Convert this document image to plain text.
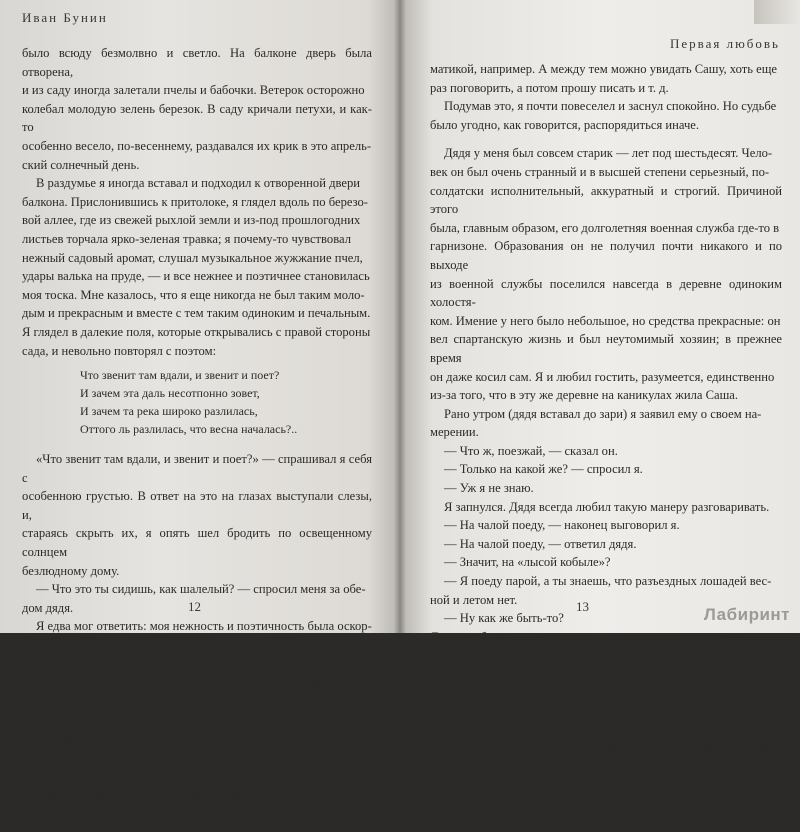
Иван Бунин

было всюду безмолвно и светло. На балконе дверь была отворена,

и из саду иногда залетали пчелы и бабочки. Ветерок осторожно

колебал молодую зелень березок. В саду кричали петухи, и как-то

особенно весело, по-весеннему, раздавался их крик в это апрель-

ский солнечный день.

В раздумье я иногда вставал и подходил к отворенной двери

балкона. Прислонившись к притолоке, я глядел вдоль по березо-

вой аллее, где из свежей рыхлой земли и из-под прошлогодних

листьев торчала ярко-зеленая травка; я почему-то чувствовал

нежный садовый аромат, слушал музыкальное жужжание пчел,

удары валька на пруде, — и все нежнее и поэтичнее становилась

моя тоска. Мне казалось, что я еще никогда не был таким моло-

дым и прекрасным и вместе с тем таким одиноким и печальным.

Я глядел в далекие поля, которые открывались с правой стороны

сада, и невольно повторял с поэтом:

Что звенит там вдали, и звенит и поет?
И зачем эта даль несотпонно зовет,
И зачем та река широко разлилась,
Оттого ль разлилась, что весна началась?..

«Что звенит там вдали, и звенит и поет?» — спрашивал я себя с

особенною грустью. В ответ на это на глазах выступали слезы, и,

стараясь скрыть их, я опять шел бродить по освещенному солнцем

безлюдному дому.

— Что это ты сидишь, как шалелый? — спросил меня за обе-

дом дядя.

Я едва мог ответить: моя нежность и поэтичность была оскор-

блена самым грубым образом.

К вечеру мне стало еще грустнее. Я ушел в поле, дошел до

леса и лег на опушке. Лежа на своей шинели, я долго мечтал, до

тех пор пока над потемневшими полями не засветилась серебряная

звездочка — Венера.

Возвращаясь, я решился непременно съездить на другой день

в город. Лева и Петя уже теперь там (они уехали перед вечером),

и можно выдумать, что я к ним за книгами — за латинской грам-

12
Первая любовь

матикой, например. А между тем можно увидать Сашу, хоть еще

раз поговорить, а потом прошу писать и т. д.

Подумав это, я почти повеселел и заснул спокойно. Но судьбе

было угодно, как говорится, распорядиться иначе.

Дядя у меня был совсем старик — лет под шестьдесят. Чело-

век он был очень странный и в высшей степени серьезный, по-

солдатски исполнительный, аккуратный и строгий. Причиной этого

была, главным образом, его долголетняя военная служба где-то в

гарнизоне. Образования он не получил почти никакого и по выходе

из военной службы поселился навсегда в деревне одиноким холостя-

ком. Имение у него было небольшое, но средства прекрасные: он

вел спартанскую жизнь и был неутомимый хозяин; в прежнее время

он даже косил сам. Я и любил гостить, разумеется, единственно

из-за того, что в эту же деревне на каникулах жила Саша.

Рано утром (дядя вставал до зари) я заявил ему о своем на-

мерении.

— Что ж, поезжай, — сказал он.

— Только на какой же? — спросил я.

— Уж я не знаю.

Я запнулся. Дядя всегда любил такую манеру разговаривать.

— На чалой поеду, — наконец выговорил я.

— На чалой поеду, — ответил дядя.

— Значит, на «лысой кобыле»?

— Я поеду парой, а ты знаешь, что разъездных лошадей вес-

ной и летом нет.

— Ну как же быть-то?

Дядя улыбнулся.

— Ну как же быть-то? — повторил и он. — Значит, надо ехать

со мной.

«Ехать с дядей!» — уж одно это огорчило меня. Но делать было

нечего. Я поскорее собрался, потому что дядя не стал бы ждать

ни минуты, и через полчаса мы уже ехали в город, сидя вдвоем

на телеге, высоко наваленной соломой.

Не стану подробно описывать наше путешествие, жаркое, зной-

ное утро, облака густой пыли на большой дороге и несносно

13	Лабиринт
